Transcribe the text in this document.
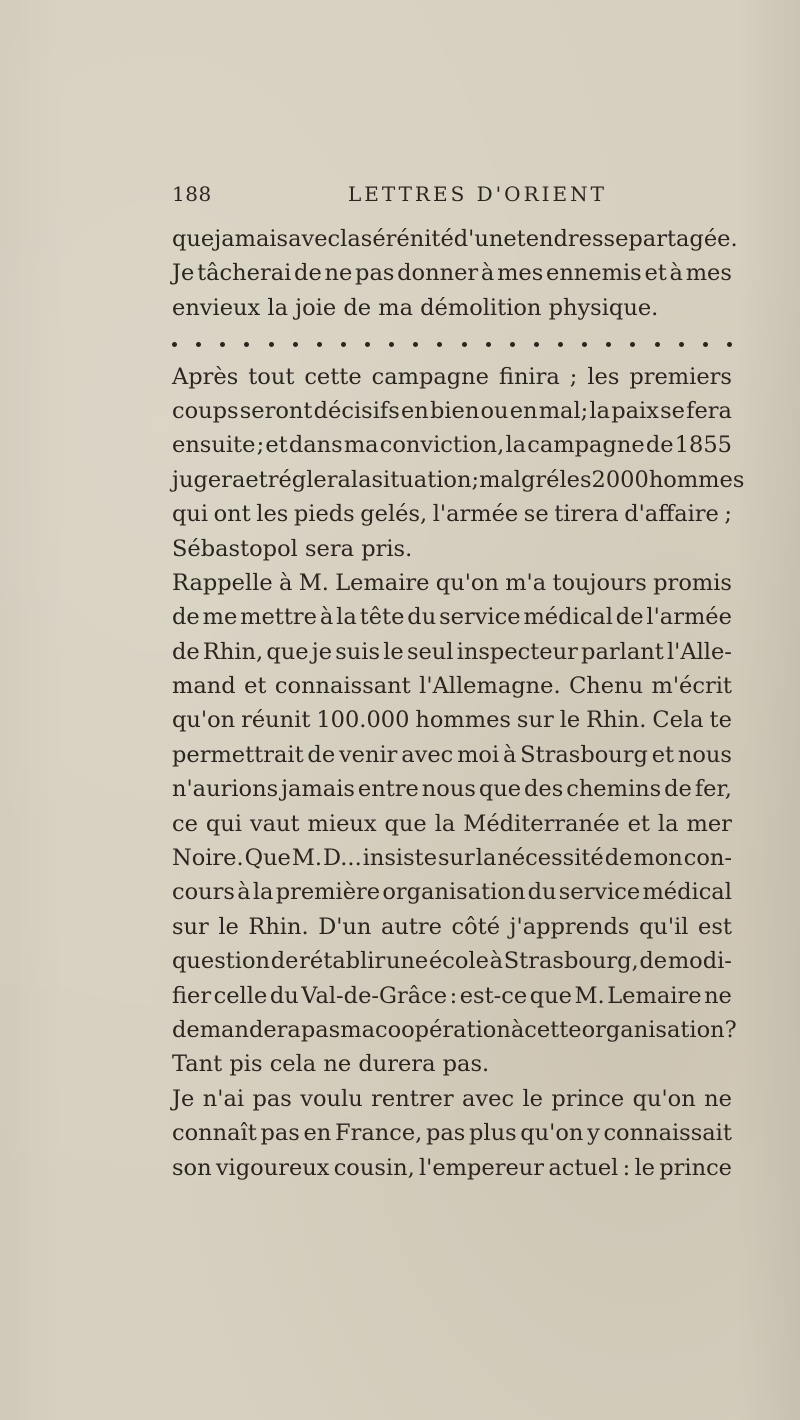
188	LETTRES D'ORIENT
que jamais avec la sérénité d'une tendresse partagée.
Je tâcherai de ne pas donner à mes ennemis et à mes
envieux la joie de ma démolition physique.
Après tout cette campagne finira ; les premiers
coups seront décisifs en bien ou en mal; la paix se fera
ensuite ; et dans ma conviction, la campagne de 1855
jugera et réglera la situation ; malgré les 2000 hommes
qui ont les pieds gelés, l'armée se tirera d'affaire ;
Sébastopol sera pris.
Rappelle à M. Lemaire qu'on m'a toujours promis
de me mettre à la tête du service médical de l'armée
de Rhin, que je suis le seul inspecteur parlant l'Alle-
mand et connaissant l'Allemagne. Chenu m'écrit
qu'on réunit 100.000 hommes sur le Rhin. Cela te
permettrait de venir avec moi à Strasbourg et nous
n'aurions jamais entre nous que des chemins de fer,
ce qui vaut mieux que la Méditerranée et la mer
Noire. Que M. D... insiste sur la nécessité de mon con-
cours à la première organisation du service médical
sur le Rhin. D'un autre côté j'apprends qu'il est
question de rétablir une école à Strasbourg, de modi-
fier celle du Val-de-Grâce : est-ce que M. Lemaire ne
demandera pas ma coopération à cette organisation ?
Tant pis cela ne durera pas.
Je n'ai pas voulu rentrer avec le prince qu'on ne
connaît pas en France, pas plus qu'on y connaissait
son vigoureux cousin, l'empereur actuel : le prince
